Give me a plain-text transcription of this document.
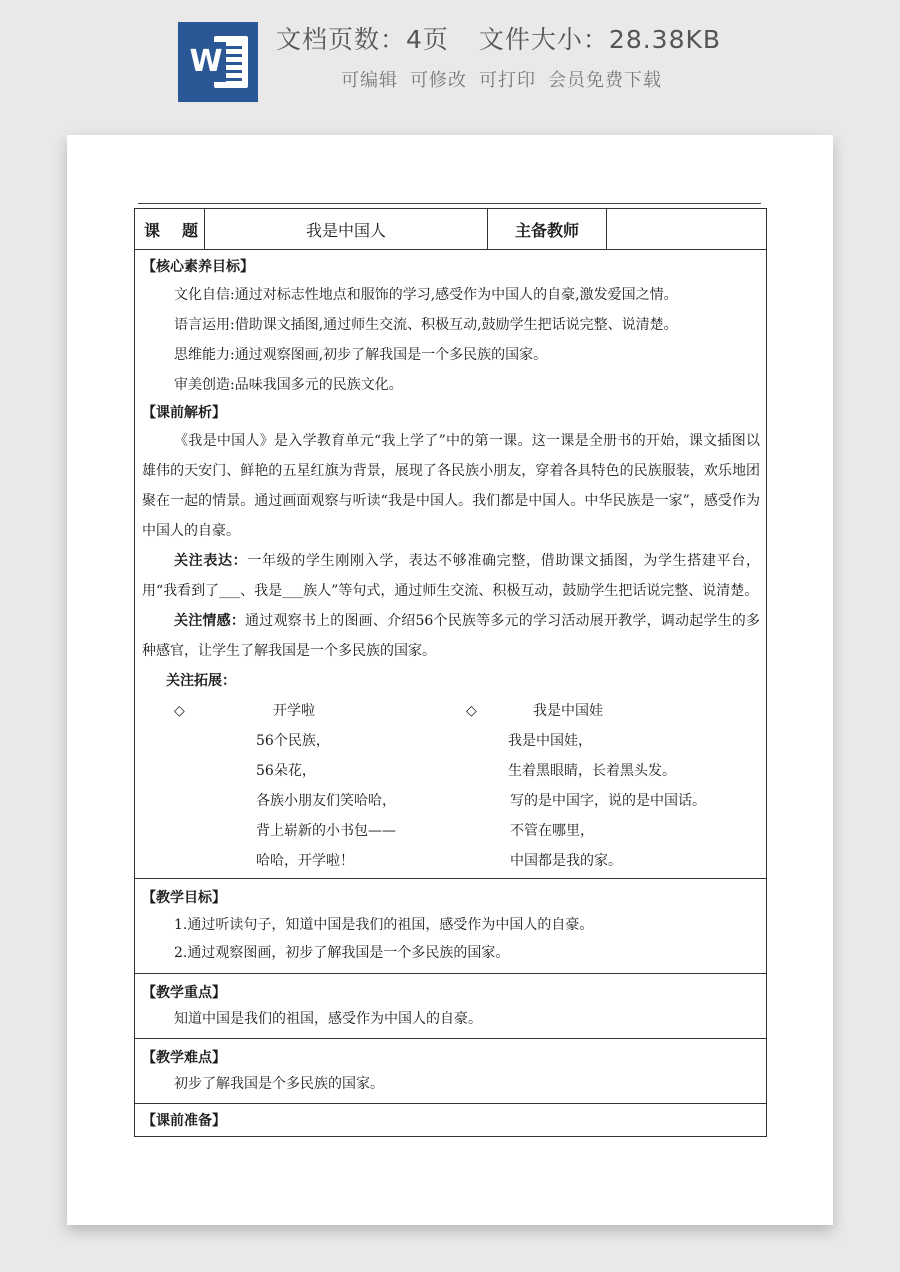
W
文档页数：4页 文件大小：28.38KB
可编辑 可修改 可打印 会员免费下载
课 题	我是中国人	主备教师	

【核心素养目标】
文化自信:通过对标志性地点和服饰的学习,感受作为中国人的自豪,激发爱国之情。
语言运用:借助课文插图,通过师生交流、积极互动,鼓励学生把话说完整、说清楚。
思维能力:通过观察图画,初步了解我国是一个多民族的国家。
审美创造:品味我国多元的民族文化。
【课前解析】
《我是中国人》是入学教育单元“我上学了”中的第一课。这一课是全册书的开始，课文插图以雄伟的天安门、鲜艳的五星红旗为背景，展现了各民族小朋友，穿着各具特色的民族服装，欢乐地团聚在一起的情景。通过画面观察与听读“我是中国人。我们都是中国人。中华民族是一家”，感受作为中国人的自豪。
关注表达：一年级的学生刚刚入学，表达不够准确完整，借助课文插图，为学生搭建平台，用“我看到了___、我是___族人”等句式，通过师生交流、积极互动，鼓励学生把话说完整、说清楚。
关注情感：通过观察书上的图画、介绍56个民族等多元的学习活动展开教学，调动起学生的多种感官，让学生了解我国是一个多民族的国家。
关注拓展：
◇	开学啦
56个民族，
56朵花，
各族小朋友们笑哈哈，
背上崭新的小书包——
哈哈，开学啦！
◇	我是中国娃
我是中国娃，
生着黑眼睛，长着黑头发。
写的是中国字，说的是中国话。
不管在哪里，
中国都是我的家。

【教学目标】
1.通过听读句子，知道中国是我们的祖国，感受作为中国人的自豪。
2.通过观察图画，初步了解我国是一个多民族的国家。

【教学重点】
知道中国是我们的祖国，感受作为中国人的自豪。

【教学难点】
初步了解我国是个多民族的国家。

【课前准备】
